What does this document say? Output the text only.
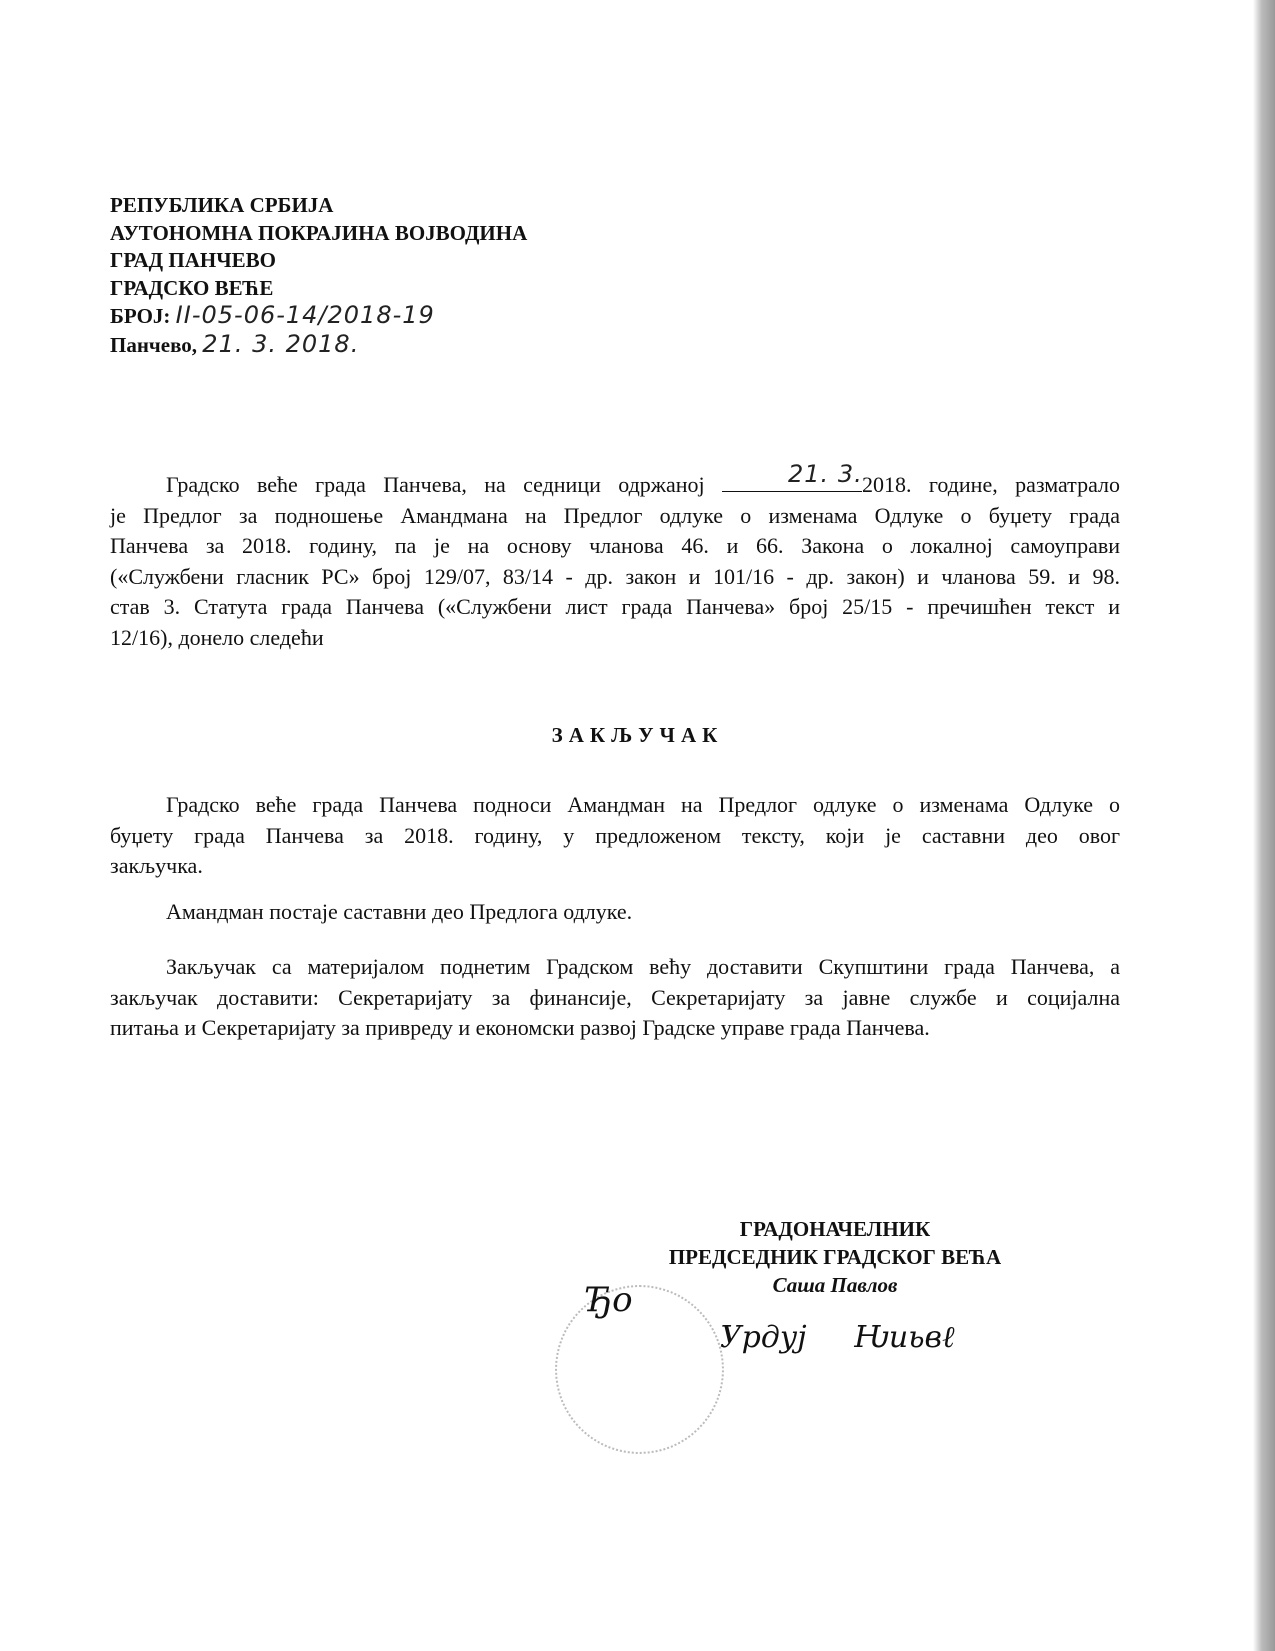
РЕПУБЛИКА СРБИЈА
АУТОНОМНА ПОКРАЈИНА ВОЈВОДИНА
ГРАД ПАНЧЕВО
ГРАДСКО ВЕЋЕ
БРОЈ: II-05-06-14/2018-19
Панчево, 21. 3. 2018.
Градско веће града Панчева, на седници одржаној	21. 3. 2018. године, разматрало
је Предлог за подношење Амандмана на Предлог одлуке о изменама Одлуке о буџету града
Панчева за 2018. годину, па је на основу чланова 46. и 66. Закона о локалној самоуправи
(«Службени гласник РС» број 129/07, 83/14 - др. закон и 101/16 - др. закон) и чланова 59. и 98.
став 3. Статута града Панчева («Службени лист града Панчева» број 25/15 - пречишћен текст и
12/16), донело следећи
ЗАКЉУЧАК
Градско веће града Панчева подноси Амандман на Предлог одлуке о изменама Одлуке о
буџету града Панчева за 2018. годину, у предложеном тексту, који је саставни део овог
закључка.
Амандман постаје саставни део Предлога одлуке.
Закључак са материјалом поднетим Градском већу доставити Скупштини града Панчева, а
закључак доставити: Секретаријату за финансије, Секретаријату за јавне службе и социјална
питања и Секретаријату за привреду и економски развој Градске управе града Панчева.
Ђo
ГРАДОНАЧЕЛНИК
ПРЕДСЕДНИК ГРАДСКОГ ВЕЋА
Саша Павлов
Урдуј     Ƕиьвℓ
